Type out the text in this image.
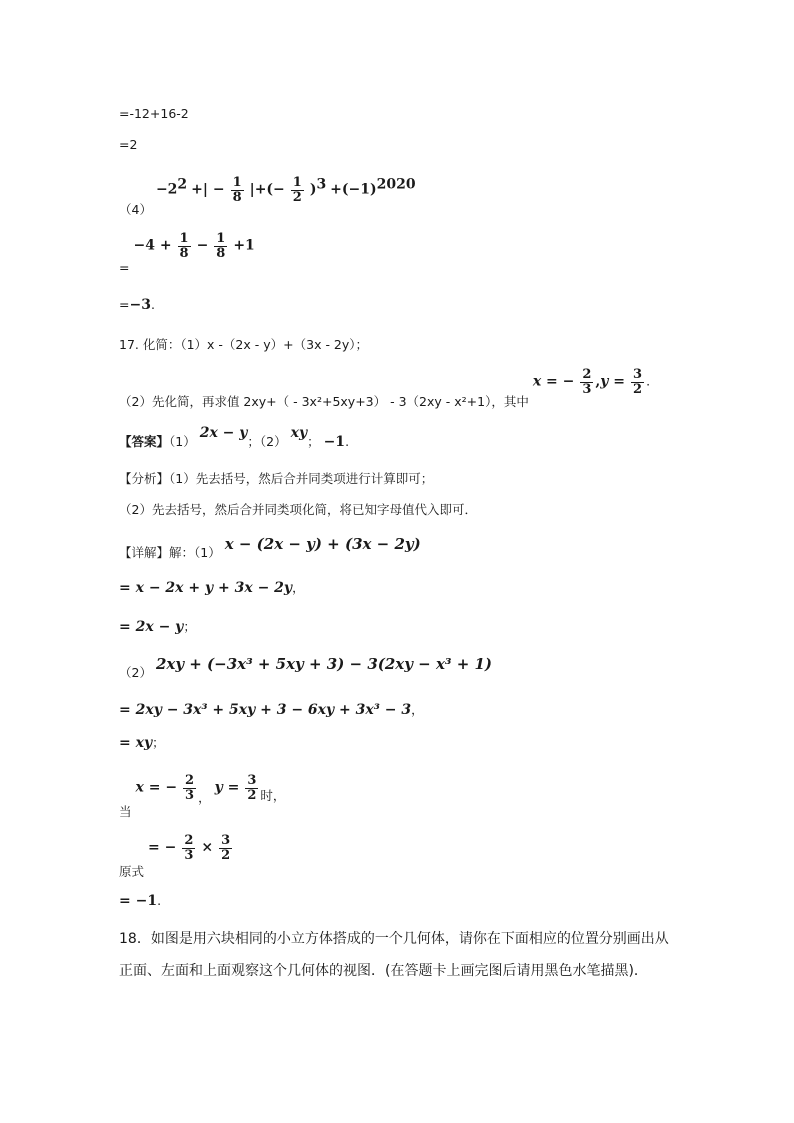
=-12+16-2
=2
$(4) -2^2$ +| − $\frac{1}{8}$ |+(− $\frac{1}{2} )^3 +(-1)^{2020}$
= $-4 + \frac{1}{8} - \frac{1}{8} +1$
=−3.
17. 化简：（1）x -（2x - y）+（3x - 2y）；
（2）先化简，再求值 2xy+（ - 3x²+5xy+3） - 3（2xy - x²+1），其中 x = − $\frac{2}{3} ,y = \frac{3}{2}$ .
【答案】（1） 2x − y；（2） xy； −1.
【分析】（1）先去括号，然后合并同类项进行计算即可；
（2）先去括号，然后合并同类项化简，将已知字母值代入即可．
【详解】解：（1） x − (2x − y) + (3x − 2y)
= x − 2x + y + 3x − 2y，
= 2x − y；
（2） 2xy + (−3x³ + 5xy + 3) − 3(2xy − x³ + 1)
= 2xy − 3x³ + 5xy + 3 − 6xy + 3x³ − 3，
= xy；
当 x = − $\frac{2}{3}$ ， $y = \frac{3}{2}$ 时，
原式 = − $\frac{2}{3} \times \frac{3}{2}$
= −1.
18．如图是用六块相同的小立方体搭成的一个几何体，请你在下面相应的位置分别画出从
正面、左面和上面观察这个几何体的视图．(在答题卡上画完图后请用黑色水笔描黑)．
